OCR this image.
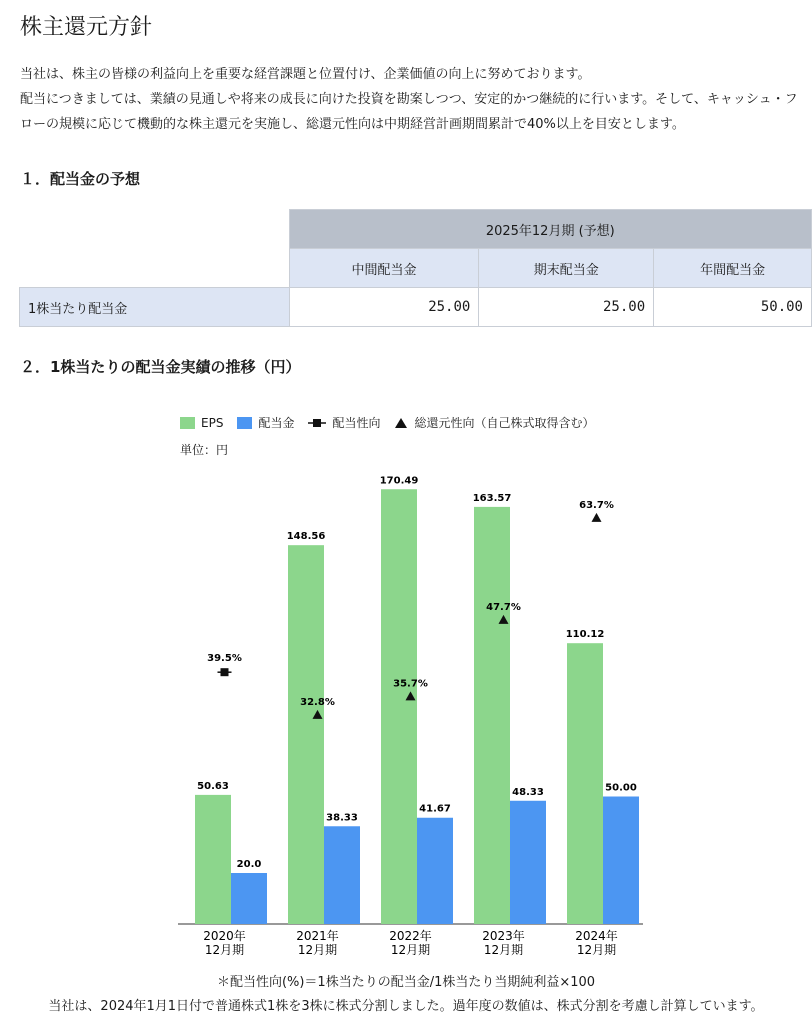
株主還元方針

当社は、株主の皆様の利益向上を重要な経営課題と位置付け、企業価値の向上に努めております。

配当につきましては、業績の見通しや将来の成長に向けた投資を勘案しつつ、安定的かつ継続的に行います。そして、キャッシュ・フローの規模に応じて機動的な株主還元を実施し、総還元性向は中期経営計画期間累計で40%以上を目安とします。

１．配当金の予想
	2025年12月期 (予想)		
	中間配当金	期末配当金	年間配当金
1株当たり配当金	25.00	25.00	50.00
２．1株当たりの配当金実績の推移（円）
EPS	配当金	配当性向	総還元性向（自己株式取得含む）
単位：円
50.63
20.0
2020年 12月期
148.56
38.33
2021年 12月期
170.49
41.67
2022年 12月期
163.57
48.33
2023年 12月期
110.12
50.00
2024年 12月期
39.5%
32.8%
35.7%
47.7%
63.7%
＊配当性向(%)＝1株当たりの配当金/1株当たり当期純利益×100
当社は、2024年1月1日付で普通株式1株を3株に株式分割しました。過年度の数値は、株式分割を考慮し計算しています。
